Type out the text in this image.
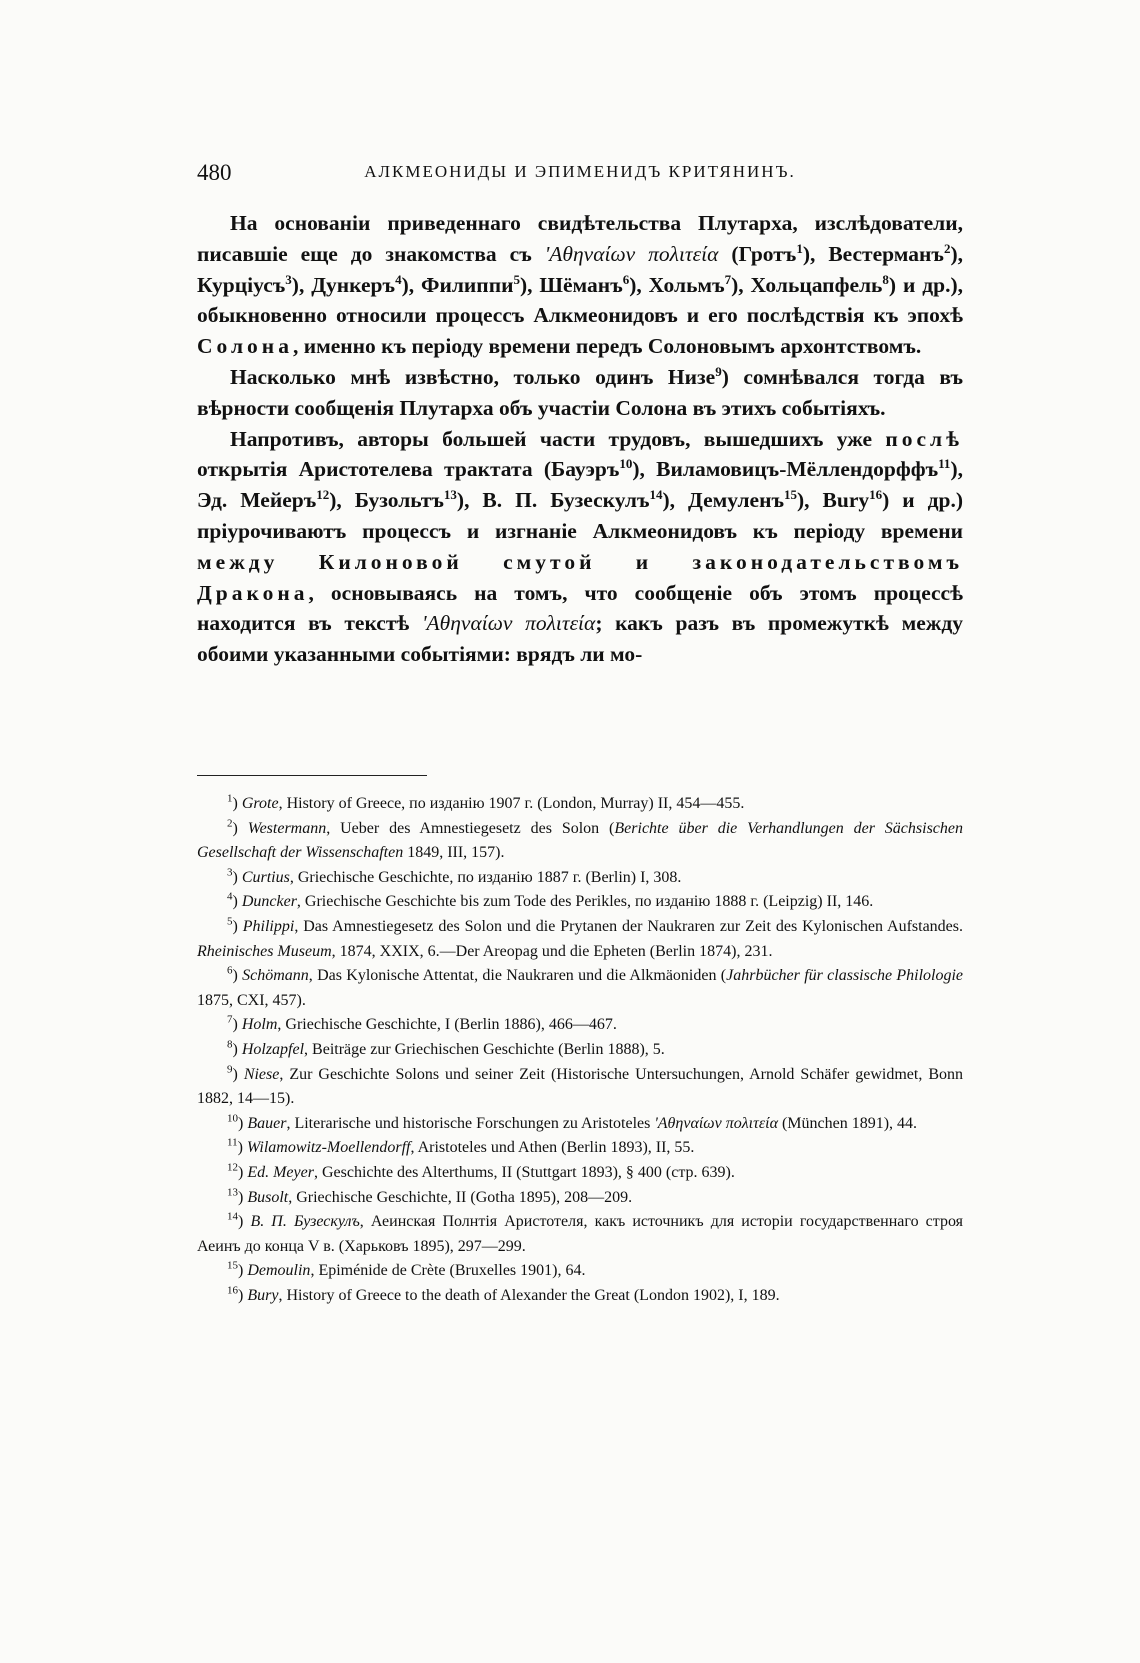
480	АЛКМЕОНИДЫ И ЭПИМЕНИДЪ КРИТЯНИНЪ.

На основаніи приведеннаго свидѣтельства Плутарха, изслѣдователи, писавшіе еще до знакомства съ 'Αθηναίων πολιτεία (Гротъ$^1$), Вестерманъ$^2$), Курціусъ$^3$), Дункеръ$^4$), Филиппи$^5$), Шёманъ$^6$), Хольмъ$^7$), Хольцапфель$^8$) и др.), обыкновенно относили процессъ Алкмеонидовъ и его послѣдствія къ эпохѣ Солона, именно къ періоду времени передъ Солоновымъ архонтствомъ.

Насколько мнѣ извѣстно, только одинъ Низе$^9$) сомнѣвался тогда въ вѣрности сообщенія Плутарха объ участіи Солона въ этихъ событіяхъ.

Напротивъ, авторы большей части трудовъ, вышедшихъ уже послѣ открытія Аристотелева трактата (Бауэръ$^{10}$), Виламовицъ-Мёллендорффъ$^{11}$), Эд. Мейеръ$^{12}$), Бузольтъ$^{13}$), В. П. Бузескулъ$^{14}$), Демуленъ$^{15}$), Bury$^{16}$) и др.) пріурочиваютъ процессъ и изгнаніе Алкмеонидовъ къ періоду времени между Килоновой смутой и законодательствомъ Дракона, основываясь на томъ, что сообщеніе объ этомъ процессѣ находится въ текстѣ 'Αθηναίων πολιτεία; какъ разъ въ промежуткѣ между обоими указанными событіями: врядъ ли мо-

$^1$) Grote, History of Greece, по изданію 1907 г. (London, Murray) II, 454—455.

$^2$) Westermann, Ueber des Amnestiegesetz des Solon (Berichte über die Verhandlungen der Sächsischen Gesellschaft der Wissenschaften 1849, III, 157).

$^3$) Curtius, Griechische Geschichte, по изданію 1887 г. (Berlin) I, 308.

$^4$) Duncker, Griechische Geschichte bis zum Tode des Perikles, по изданію 1888 г. (Leipzig) II, 146.

$^5$) Philippi, Das Amnestiegesetz des Solon und die Prytanen der Naukraren zur Zeit des Kylonischen Aufstandes. Rheinisches Museum, 1874, XXIX, 6.—Der Areopag und die Epheten (Berlin 1874), 231.

$^6$) Schömann, Das Kylonische Attentat, die Naukraren und die Alkmäoniden (Jahrbücher für classische Philologie 1875, CXI, 457).

$^7$) Holm, Griechische Geschichte, I (Berlin 1886), 466—467.

$^8$) Holzapfel, Beiträge zur Griechischen Geschichte (Berlin 1888), 5.

$^9$) Niese, Zur Geschichte Solons und seiner Zeit (Historische Untersuchungen, Arnold Schäfer gewidmet, Bonn 1882, 14—15).

$^{10}$) Bauer, Literarische und historische Forschungen zu Aristoteles 'Αθηναίων πολιτεία (München 1891), 44.

$^{11}$) Wilamowitz-Moellendorff, Aristoteles und Athen (Berlin 1893), II, 55.

$^{12}$) Ed. Meyer, Geschichte des Alterthums, II (Stuttgart 1893), § 400 (стр. 639).

$^{13}$) Busolt, Griechische Geschichte, II (Gotha 1895), 208—209.

$^{14}$) В. П. Бузескулъ, Аеинская Полнтія Аристотеля, какъ источникъ для исторіи государственнаго строя Аеинъ до конца V в. (Харьковъ 1895), 297—299.

$^{15}$) Demoulin, Epiménide de Crète (Bruxelles 1901), 64.

$^{16}$) Bury, History of Greece to the death of Alexander the Great (London 1902), I, 189.
